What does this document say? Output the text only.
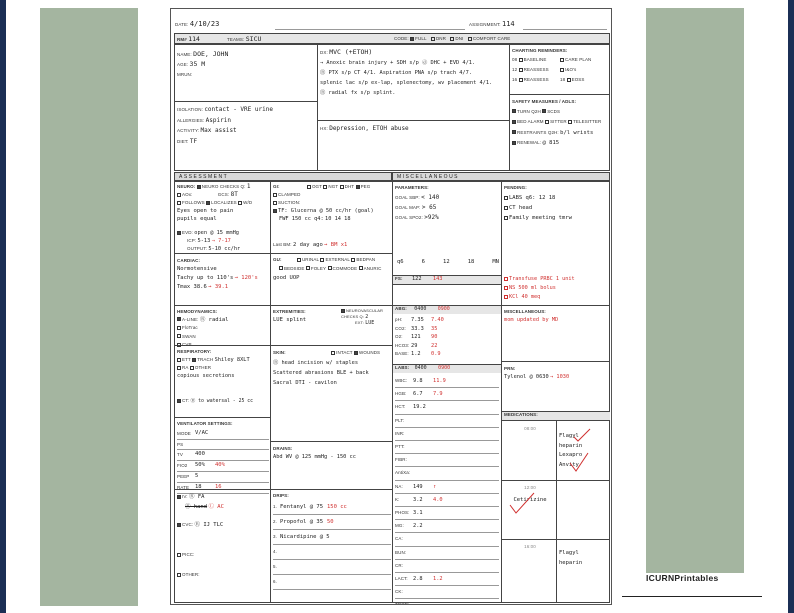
ICURNPrintables
DATE: 4/10/23	ASSIGNMENT: 114
RM# 114	TEAMS: SICU	CODE: FULL DNR DNI COMFORT CARE
NAME: DOE, JOHN
AGE: 35 M
MRUN:
ISOLATION: contact - VRE urine
ALLERGIES: Aspirin
ACTIVITY: Max assist
DIET: TF
DX: MVC (+ETOH)
→ Anoxic brain injury + SDH s/p ⓓ DHC + EVD 4/1.
Ⓡ PTX s/p CT 4/1. Aspiration PNA s/p trach 4/7.
splenic lac s/p ex-lap, splenectomy, wv placement 4/1.
Ⓡ radial fx s/p splint.
HX: Depression, ETOH abuse
CHARTING REMINDERS:
08 BASELINE	CARE PLAN
12 REASSESS	I&O's
16 REASSESS	18 EOSS
SAFETY MEASURES / ADLS:
TURN Q2H SCDS
BED ALARM SITTER TELESITTER
RESTRAINTS Q2H: b/l wrists
RENEWAL: @ 815
ASSESSMENT	MISCELLANEOUS
NEURO: NEURO CHECKS Q: 1
AOx:	GCS: 8T
FOLLOWS LOCALIZES W/D
Eyes open to pain
pupils equal
EVD: open @ 15 mmHg
ICP: 5-13 → 7-17
OUTPUT: 5-10 cc/hr
GI:	OGT NGT DHT PEG
CLAMPED
SUCTION:
TF: Glucerna @ 50 cc/hr (goal)
FWF 150 cc q4: 10 14 18
Last BM: 2 day ago → BM x1
CARDIAC:
Normotensive
Tachy up to 110's → 120's
Tmax 38.6 → 39.1
GU:	URINAL EXTERNAL BEDPAN
BEDSIDE FOLEY COMMODE ANURIC
good UOP
PARAMETERS:
GOAL SBP: < 140
GOAL MAP: > 65
GOAL SPO2: >92%
q6	6	12	18	MN
FS: 122 143
PENDING:
LABS q6: 12 18
CT head
Family meeting tmrw
Transfuse PRBC 1 unit
NS 500 ml bolus
KCl 40 meq
HEMODYNAMICS:
A-LINE: Ⓡ radial
FloTrac
SWAN
CVP
EXTREMITIES:
LUE splint
NEUROVASCULAR CHECKS Q: 2
EXT: LUE
ABG: 0400 0900
pH:	7.35	7.40
CO2: 33.3	35
O2:	121	90
HCO3: 29	22
BASE: 1.2	0.9
MISCELLANEOUS:
mom updated by MD
RESPIRATORY:
ETT TRACH Shiley 8XLT
RA OTHER
copious secretions
CT: Ⓡ to watersal - 25 cc
SKIN:	INTACT WOUNDS
Ⓡ head incision w/ staples
Scattered abrasions BLE + back
Sacral DTI - cavilon
LABS: 0400 0900
WBC:	9.8	11.9
HGB:	6.7	7.9
HCT:	19.2
PLT:
INR:
PTT:
FIBR:
AntiXa:
NA:	149	↑
K:	3.2	4.0
PHOS: 3.1
MG:	2.2
CA:
BUN:
CR:
LACT: 2.8	1.2
CK:
TROP:
PRN:
Tylenol @ 0630 → 1030
VENTILATOR SETTINGS:
MODE V/AC
PS
TV	400
FIO2	50%	40%
PEEP	5
RATE	18	16
DRAINS:
Abd WV @ 125 mmHg - 150 cc
MEDICATIONS:
08:00
Flagyl
heparin
Lexapro
Anvity
12:00
Cetirizine
16:00
Flagyl
heparin
IV: Ⓡ FA
Ⓡ hand Ⓛ AC
CVC: Ⓡ IJ TLC
PICC:
OTHER:
DRIPS:
1. Fentanyl @ 75 150 cc
2. Propofol @ 35 50
3. Nicardipine @ 5
4.
5.
6.
